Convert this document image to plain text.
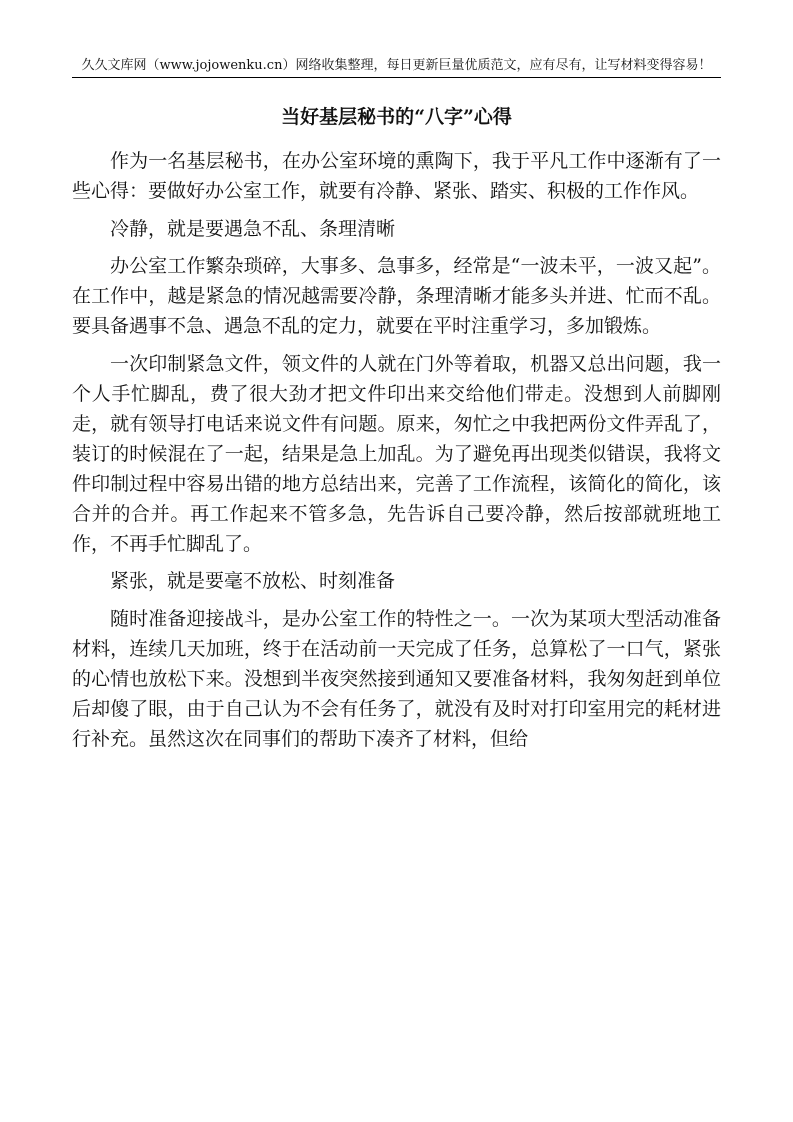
久久文库网（www.jojowenku.cn）网络收集整理，每日更新巨量优质范文，应有尽有，让写材料变得容易！
当好基层秘书的“八字”心得

作为一名基层秘书，在办公室环境的熏陶下，我于平凡工作中逐渐有了一些心得：要做好办公室工作，就要有冷静、紧张、踏实、积极的工作作风。

冷静，就是要遇急不乱、条理清晰

办公室工作繁杂琐碎，大事多、急事多，经常是“一波未平，一波又起”。在工作中，越是紧急的情况越需要冷静，条理清晰才能多头并进、忙而不乱。要具备遇事不急、遇急不乱的定力，就要在平时注重学习，多加锻炼。

一次印制紧急文件，领文件的人就在门外等着取，机器又总出问题，我一个人手忙脚乱，费了很大劲才把文件印出来交给他们带走。没想到人前脚刚走，就有领导打电话来说文件有问题。原来，匆忙之中我把两份文件弄乱了，装订的时候混在了一起，结果是急上加乱。为了避免再出现类似错误，我将文件印制过程中容易出错的地方总结出来，完善了工作流程，该简化的简化，该合并的合并。再工作起来不管多急，先告诉自己要冷静，然后按部就班地工作，不再手忙脚乱了。

紧张，就是要毫不放松、时刻准备

随时准备迎接战斗，是办公室工作的特性之一。一次为某项大型活动准备材料，连续几天加班，终于在活动前一天完成了任务，总算松了一口气，紧张的心情也放松下来。没想到半夜突然接到通知又要准备材料，我匆匆赶到单位后却傻了眼，由于自己认为不会有任务了，就没有及时对打印室用完的耗材进行补充。虽然这次在同事们的帮助下凑齐了材料，但给
